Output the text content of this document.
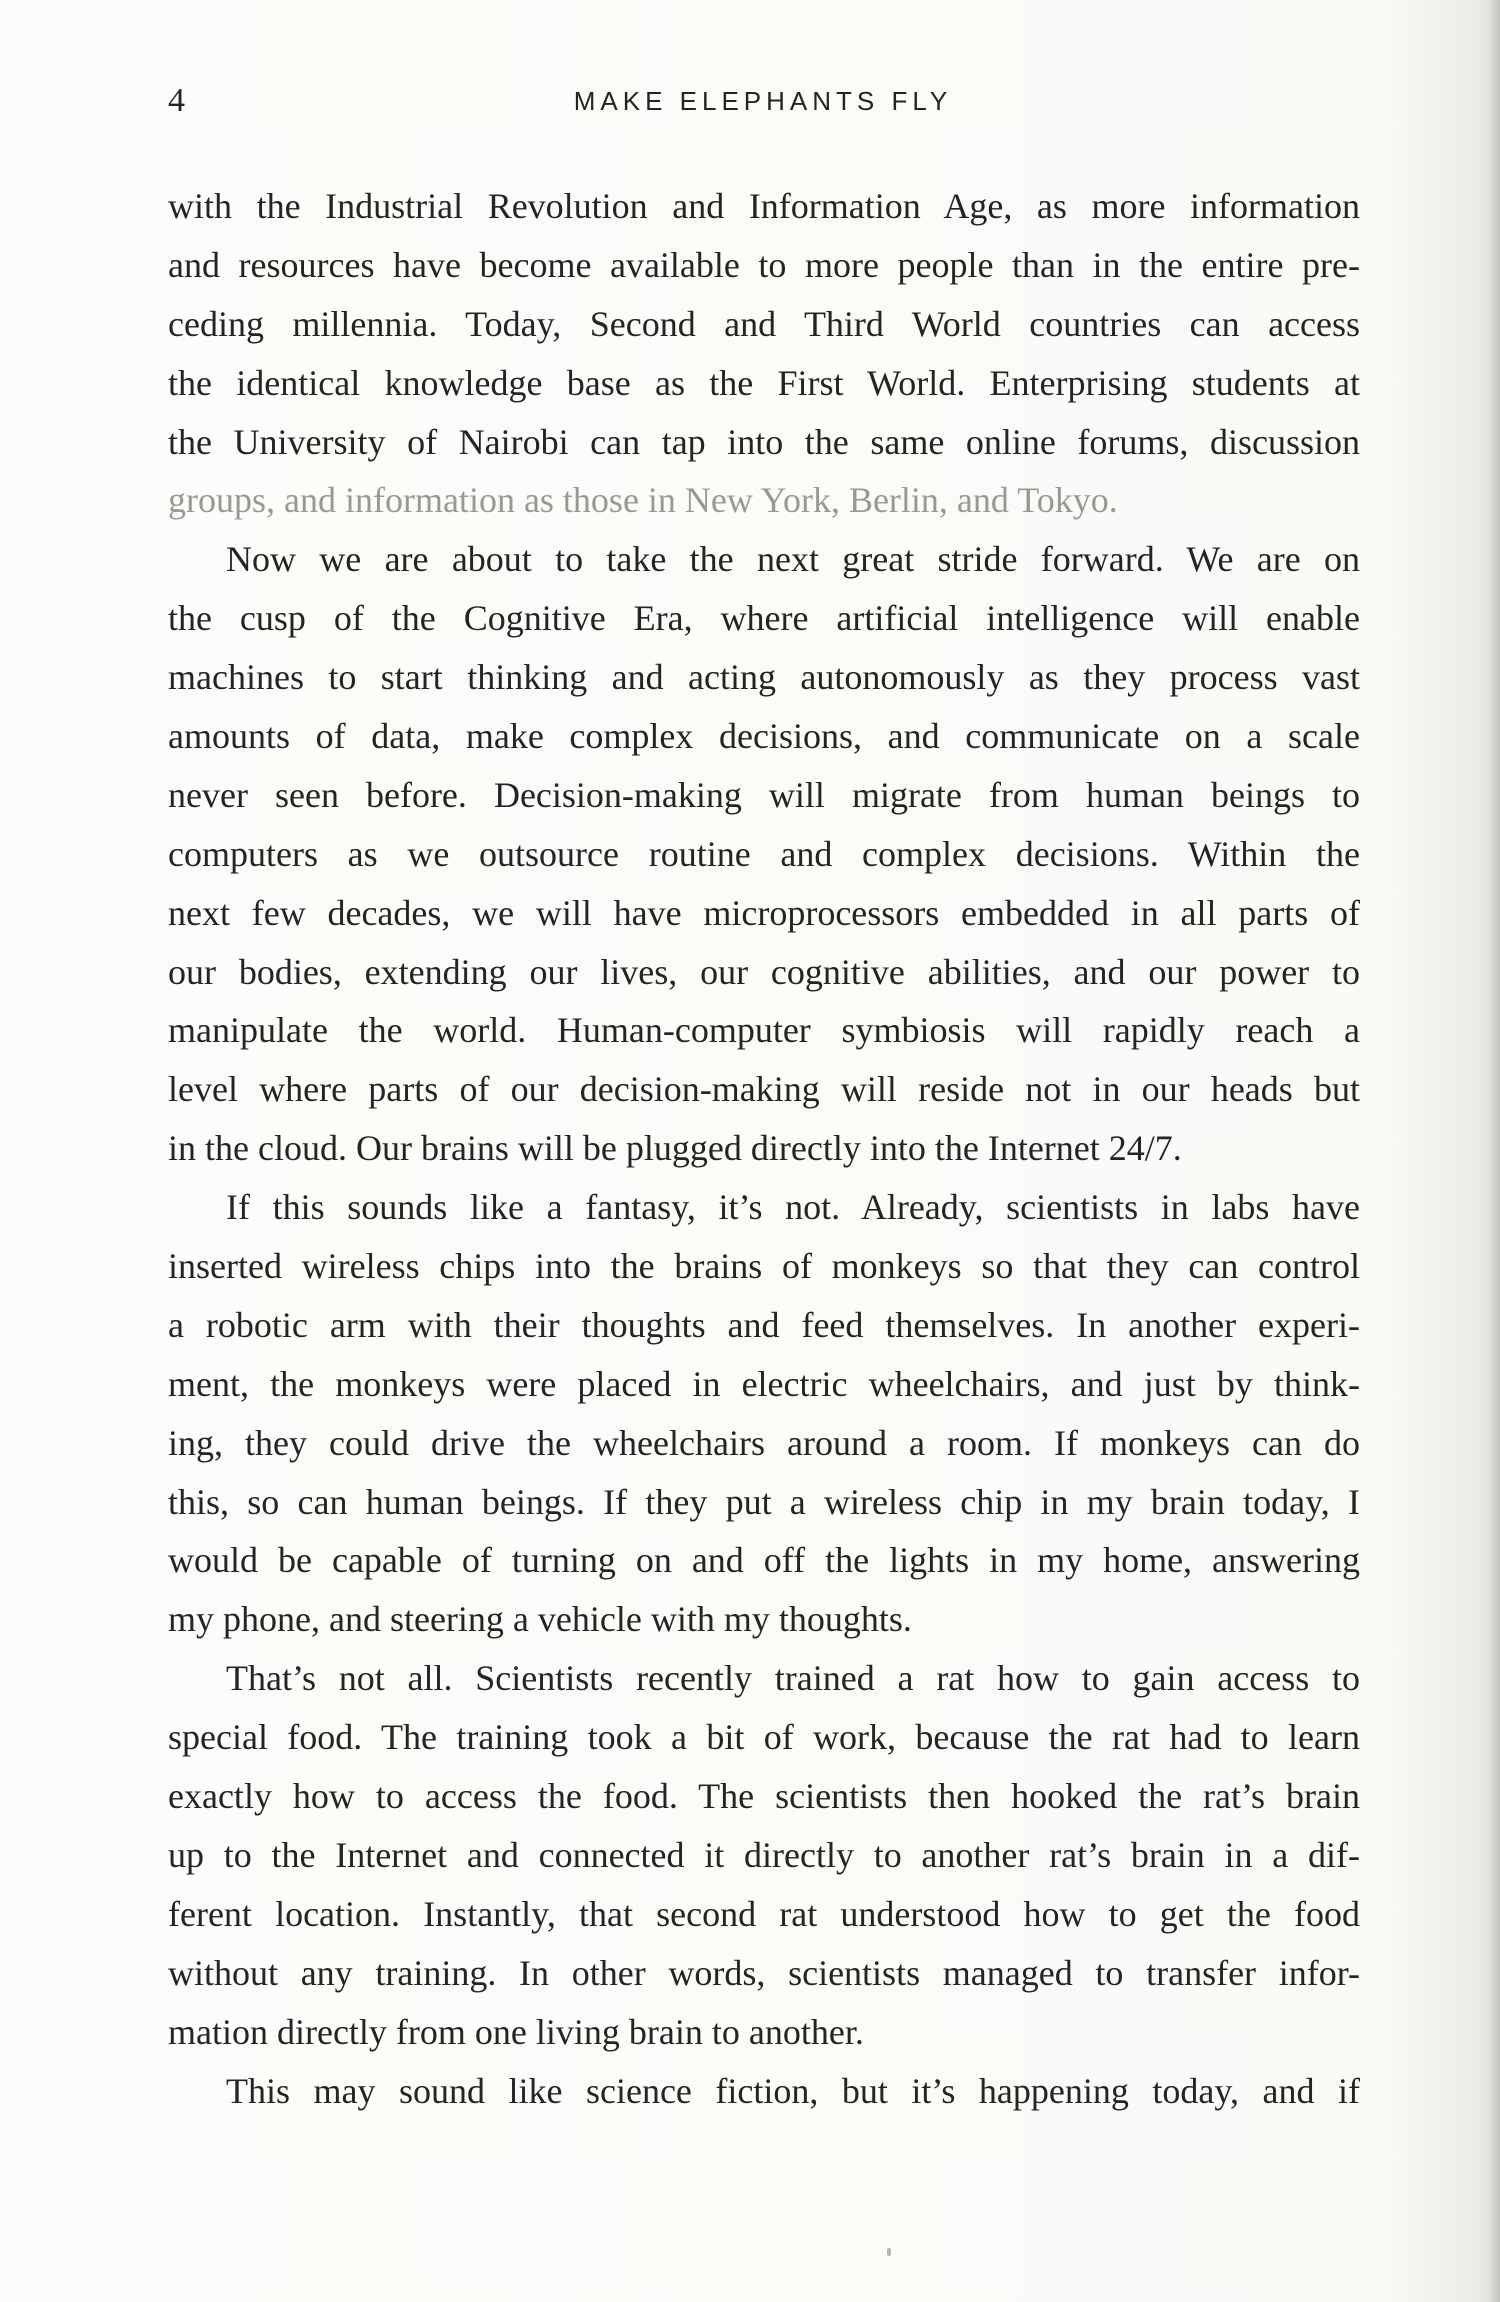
4	MAKE ELEPHANTS FLY
with the Industrial Revolution and Information Age, as more information
and resources have become available to more people than in the entire pre-
ceding millennia. Today, Second and Third World countries can access
the identical knowledge base as the First World. Enterprising students at
the University of Nairobi can tap into the same online forums, discussion
groups, and information as those in New York, Berlin, and Tokyo.
Now we are about to take the next great stride forward. We are on
the cusp of the Cognitive Era, where artificial intelligence will enable
machines to start thinking and acting autonomously as they process vast
amounts of data, make complex decisions, and communicate on a scale
never seen before. Decision-making will migrate from human beings to
computers as we outsource routine and complex decisions. Within the
next few decades, we will have microprocessors embedded in all parts of
our bodies, extending our lives, our cognitive abilities, and our power to
manipulate the world. Human-computer symbiosis will rapidly reach a
level where parts of our decision-making will reside not in our heads but
in the cloud. Our brains will be plugged directly into the Internet 24/7.
If this sounds like a fantasy, it’s not. Already, scientists in labs have
inserted wireless chips into the brains of monkeys so that they can control
a robotic arm with their thoughts and feed themselves. In another experi-
ment, the monkeys were placed in electric wheelchairs, and just by think-
ing, they could drive the wheelchairs around a room. If monkeys can do
this, so can human beings. If they put a wireless chip in my brain today, I
would be capable of turning on and off the lights in my home, answering
my phone, and steering a vehicle with my thoughts.
That’s not all. Scientists recently trained a rat how to gain access to
special food. The training took a bit of work, because the rat had to learn
exactly how to access the food. The scientists then hooked the rat’s brain
up to the Internet and connected it directly to another rat’s brain in a dif-
ferent location. Instantly, that second rat understood how to get the food
without any training. In other words, scientists managed to transfer infor-
mation directly from one living brain to another.
This may sound like science fiction, but it’s happening today, and if
